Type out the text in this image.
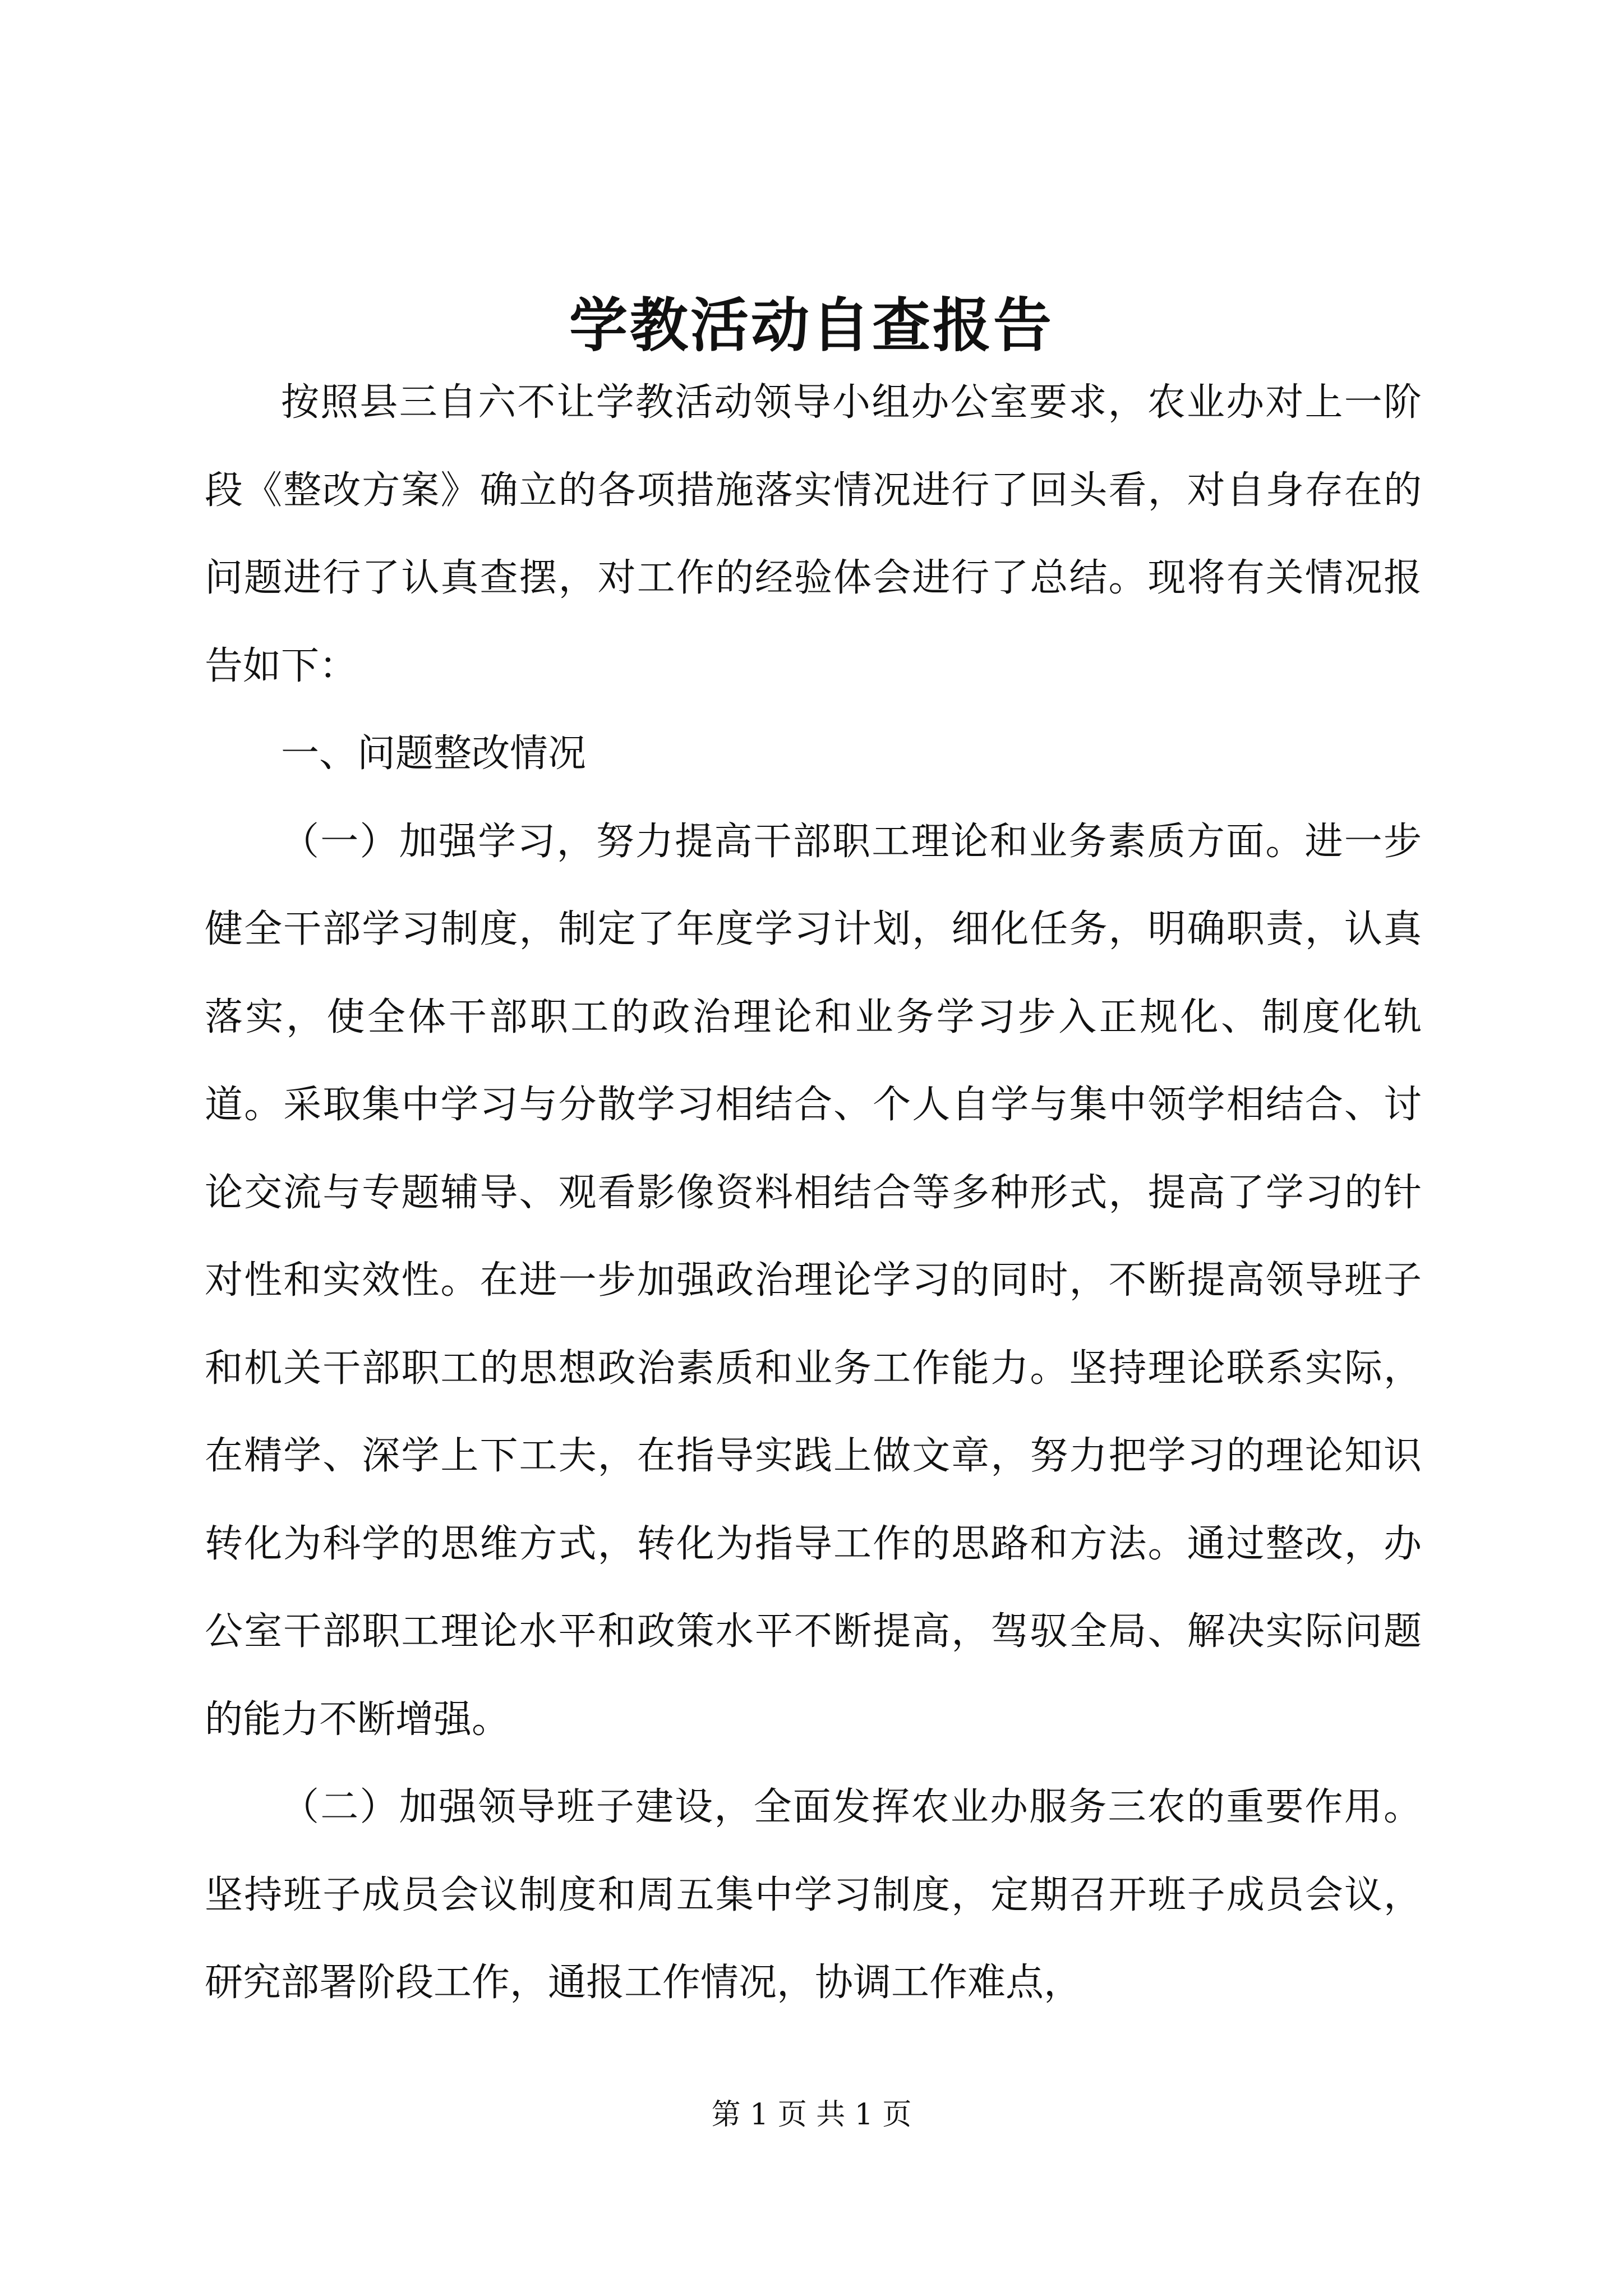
学教活动自查报告

按照县三自六不让学教活动领导小组办公室要求，农业办对上一阶段《整改方案》确立的各项措施落实情况进行了回头看，对自身存在的问题进行了认真查摆，对工作的经验体会进行了总结。现将有关情况报告如下：

一、问题整改情况

（一）加强学习，努力提高干部职工理论和业务素质方面。进一步健全干部学习制度，制定了年度学习计划，细化任务，明确职责，认真落实，使全体干部职工的政治理论和业务学习步入正规化、制度化轨道。采取集中学习与分散学习相结合、个人自学与集中领学相结合、讨论交流与专题辅导、观看影像资料相结合等多种形式，提高了学习的针对性和实效性。在进一步加强政治理论学习的同时，不断提高领导班子和机关干部职工的思想政治素质和业务工作能力。坚持理论联系实际，在精学、深学上下工夫，在指导实践上做文章，努力把学习的理论知识转化为科学的思维方式，转化为指导工作的思路和方法。通过整改，办公室干部职工理论水平和政策水平不断提高，驾驭全局、解决实际问题的能力不断增强。

（二）加强领导班子建设，全面发挥农业办服务三农的重要作用。坚持班子成员会议制度和周五集中学习制度，定期召开班子成员会议，研究部署阶段工作，通报工作情况，协调工作难点，

第 1 页 共 1 页
